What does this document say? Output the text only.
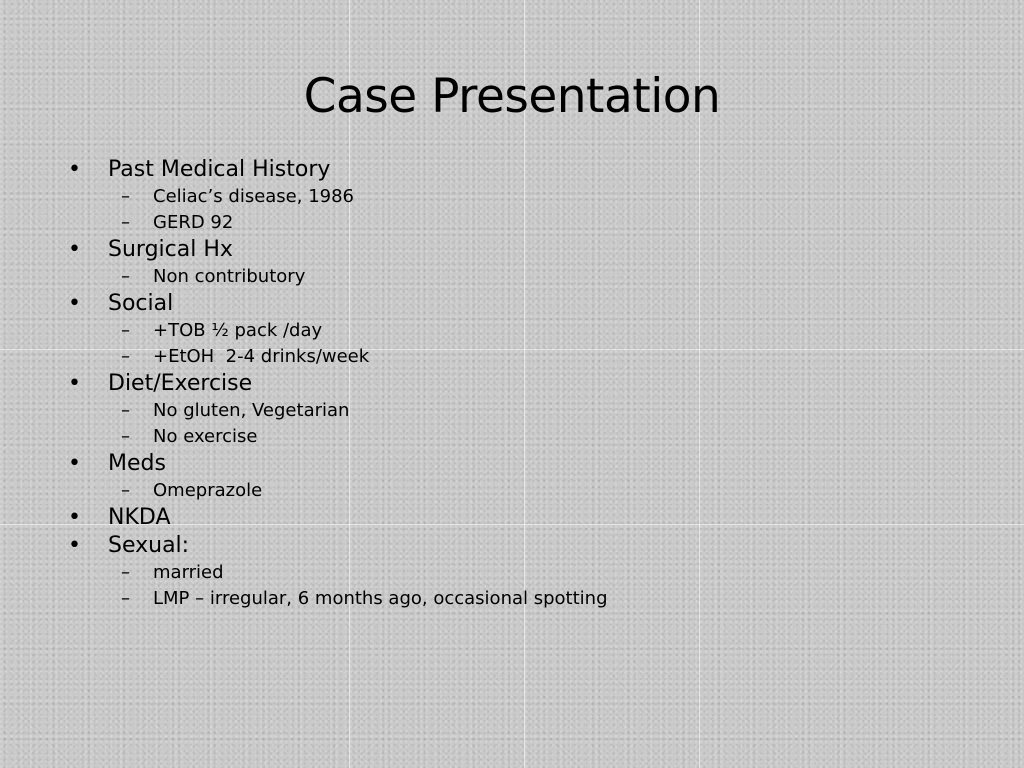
Case Presentation
• Past Medical History
– Celiac’s disease, 1986
– GERD 92
• Surgical Hx
– Non contributory
• Social
– +TOB ½ pack /day
– +EtOH  2-4 drinks/week
• Diet/Exercise
– No gluten, Vegetarian
– No exercise
• Meds
– Omeprazole
• NKDA
• Sexual:
– married
– LMP – irregular, 6 months ago, occasional spotting
